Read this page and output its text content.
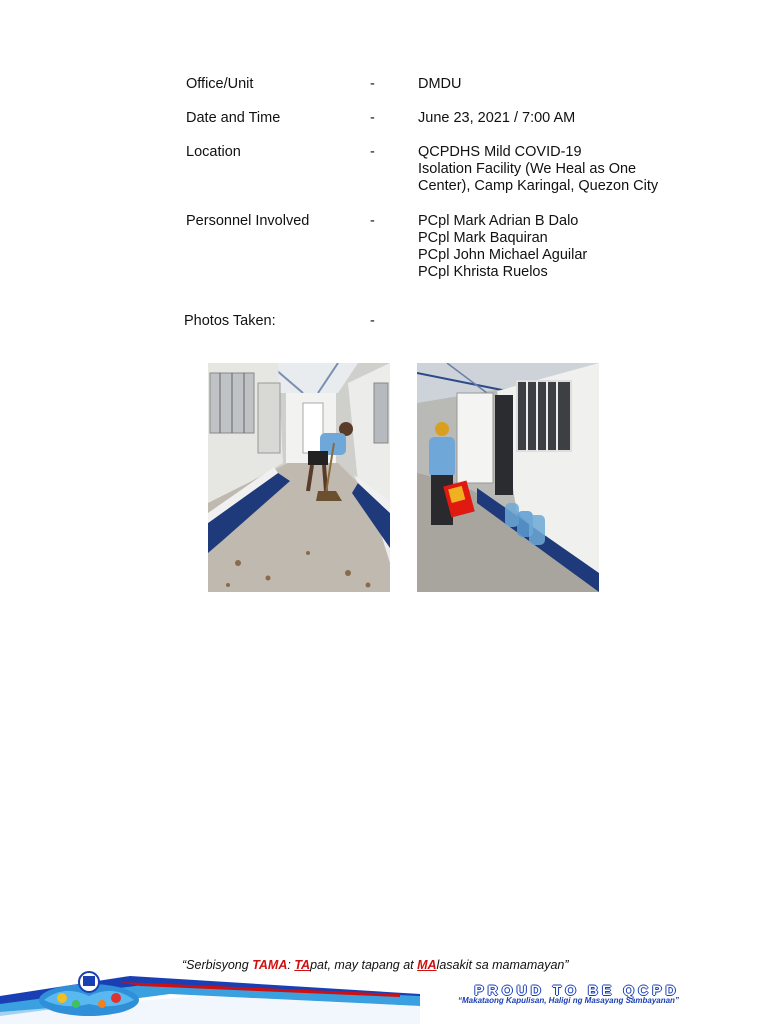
Office/Unit	-	DMDU
Date and Time	-	June 23, 2021 / 7:00 AM
Location	-	QCPDHS Mild COVID-19
Isolation Facility (We Heal as One
Center), Camp Karingal, Quezon City
Personnel Involved	-	PCpl Mark Adrian B Dalo
PCpl Mark Baquiran
PCpl John Michael Aguilar
PCpl Khrista Ruelos
Photos Taken:	-
“Serbisyong TAMA: TApat, may tapang at MAlasakit sa mamamayan”
PROUD TO BE QCPD
“Makataong Kapulisan, Haligi ng Masayang Sambayanan”
